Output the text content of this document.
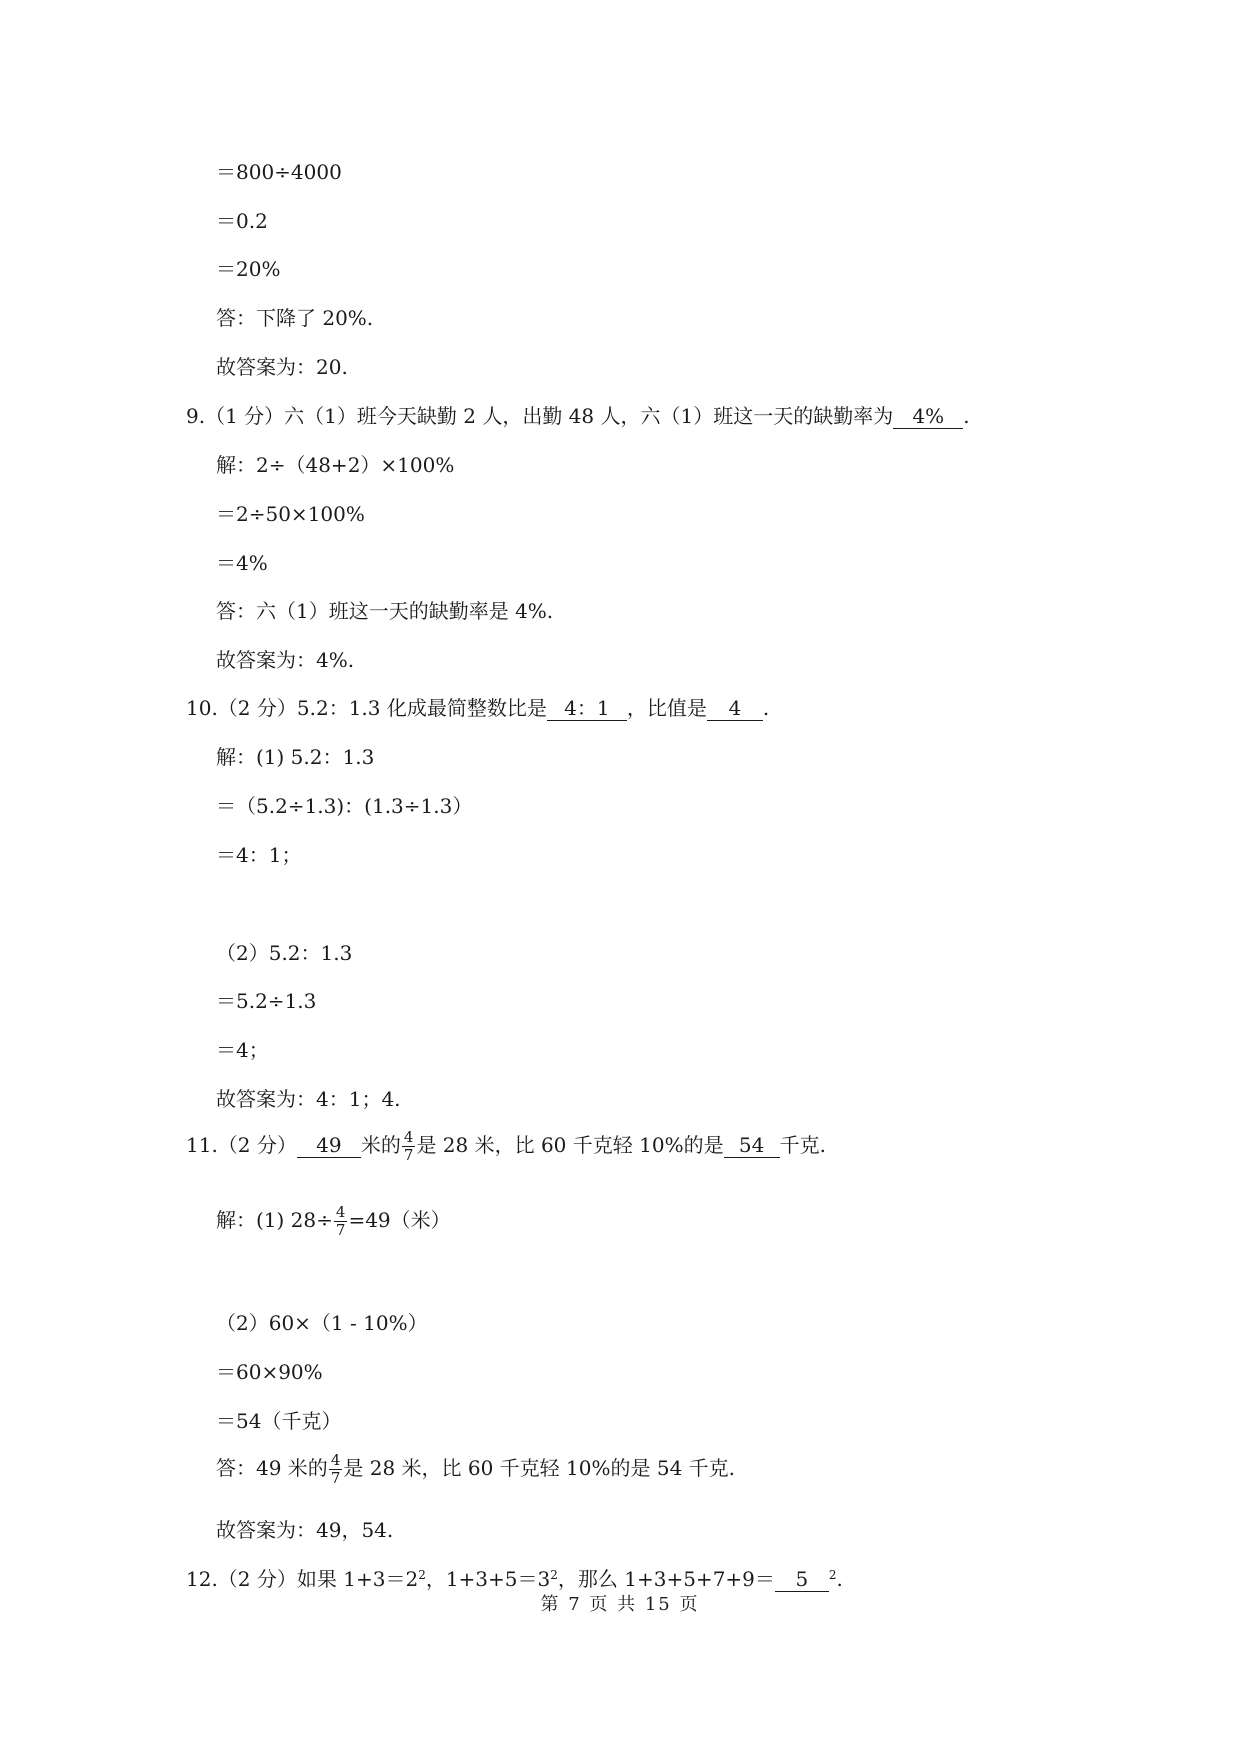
＝800÷4000
＝0.2
＝20%
答：下降了 20%.
故答案为：20.
9.（1 分）六（1）班今天缺勤 2 人，出勤 48 人，六（1）班这一天的缺勤率为 4% .
解：2÷（48+2）×100%
＝2÷50×100%
＝4%
答：六（1）班这一天的缺勤率是 4%.
故答案为：4%.
10.（2 分）5.2：1.3 化成最简整数比是 4：1 ，比值是 4 .
解：(1) 5.2：1.3
＝（5.2÷1.3)：(1.3÷1.3）
＝4：1；
（2）5.2：1.3
＝5.2÷1.3
＝4；
故答案为：4：1；4.
11.（2 分） 49 米的 $\frac{4}{7}$ 是 28 米，比 60 千克轻 10%的是 54 千克.
解：(1) $28\div \frac{4}{7} =49$（米）
（2）60×（1 - 10%）
＝60×90%
＝54（千克）
答：49 米的 $\frac{4}{7}$ 是 28 米，比 60 千克轻 10%的是 54 千克.
故答案为：49，54.
12.（2 分）如果 $1+3=2^2$，$1+3+5=3^2$，那么 1+3+5+7+9＝ 5 $^2$.
第 7 页 共 15 页
